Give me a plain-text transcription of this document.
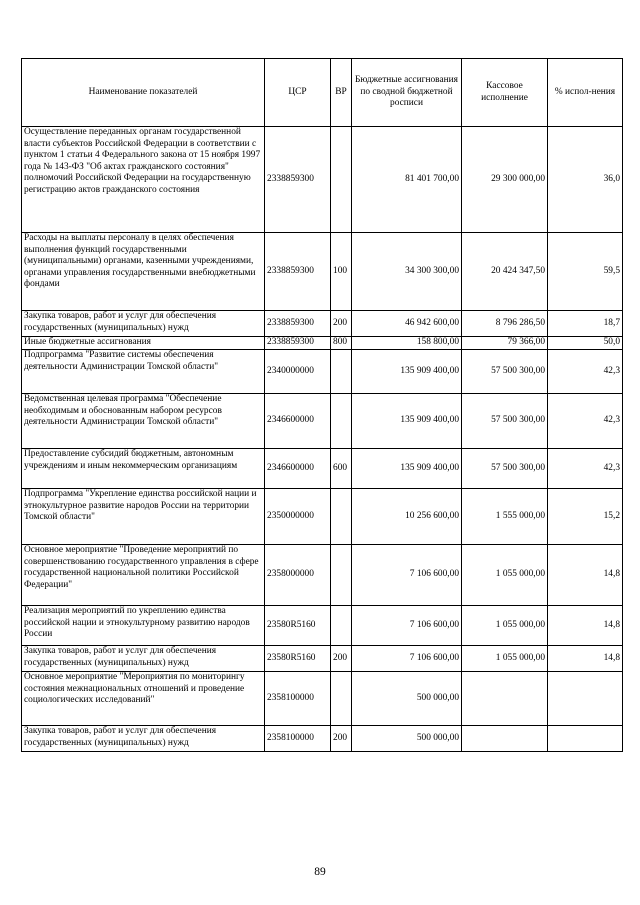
Наименование показателей	ЦСР	ВР	Бюджетные ассигнования по сводной бюджетной росписи	Кассовое исполнение	% испол-нения
Осуществление переданных органам государственной власти субъектов Российской Федерации в соответствии с пунктом 1 статьи 4 Федерального закона от 15 ноября 1997 года № 143-ФЗ "Об актах гражданского состояния" полномочий Российской Федерации на государственную регистрацию актов гражданского состояния	2338859300		81 401 700,00	29 300 000,00	36,0
Расходы на выплаты персоналу в целях обеспечения выполнения функций государственными (муниципальными) органами, казенными учреждениями, органами управления государственными внебюджетными фондами	2338859300	100	34 300 300,00	20 424 347,50	59,5
Закупка товаров, работ и услуг для обеспечения государственных (муниципальных) нужд	2338859300	200	46 942 600,00	8 796 286,50	18,7
Иные бюджетные ассигнования	2338859300	800	158 800,00	79 366,00	50,0
Подпрограмма "Развитие системы обеспечения деятельности Администрации Томской области"	2340000000		135 909 400,00	57 500 300,00	42,3
Ведомственная целевая программа "Обеспечение необходимым и обоснованным набором ресурсов деятельности Администрации Томской области"	2346600000		135 909 400,00	57 500 300,00	42,3
Предоставление субсидий бюджетным, автономным учреждениям и иным некоммерческим организациям	2346600000	600	135 909 400,00	57 500 300,00	42,3
Подпрограмма "Укрепление единства российской нации и этнокультурное развитие народов России на территории Томской области"	2350000000		10 256 600,00	1 555 000,00	15,2
Основное мероприятие "Проведение мероприятий по совершенствованию государственного управления в сфере государственной национальной политики Российской Федерации"	2358000000		7 106 600,00	1 055 000,00	14,8
Реализация мероприятий по укреплению единства российской нации и этнокультурному развитию народов России	23580R5160		7 106 600,00	1 055 000,00	14,8
Закупка товаров, работ и услуг для обеспечения государственных (муниципальных) нужд	23580R5160	200	7 106 600,00	1 055 000,00	14,8
Основное мероприятие "Мероприятия по мониторингу состояния межнациональных отношений и проведение социологических исследований"	2358100000		500 000,00		
Закупка товаров, работ и услуг для обеспечения государственных (муниципальных) нужд	2358100000	200	500 000,00		
89
